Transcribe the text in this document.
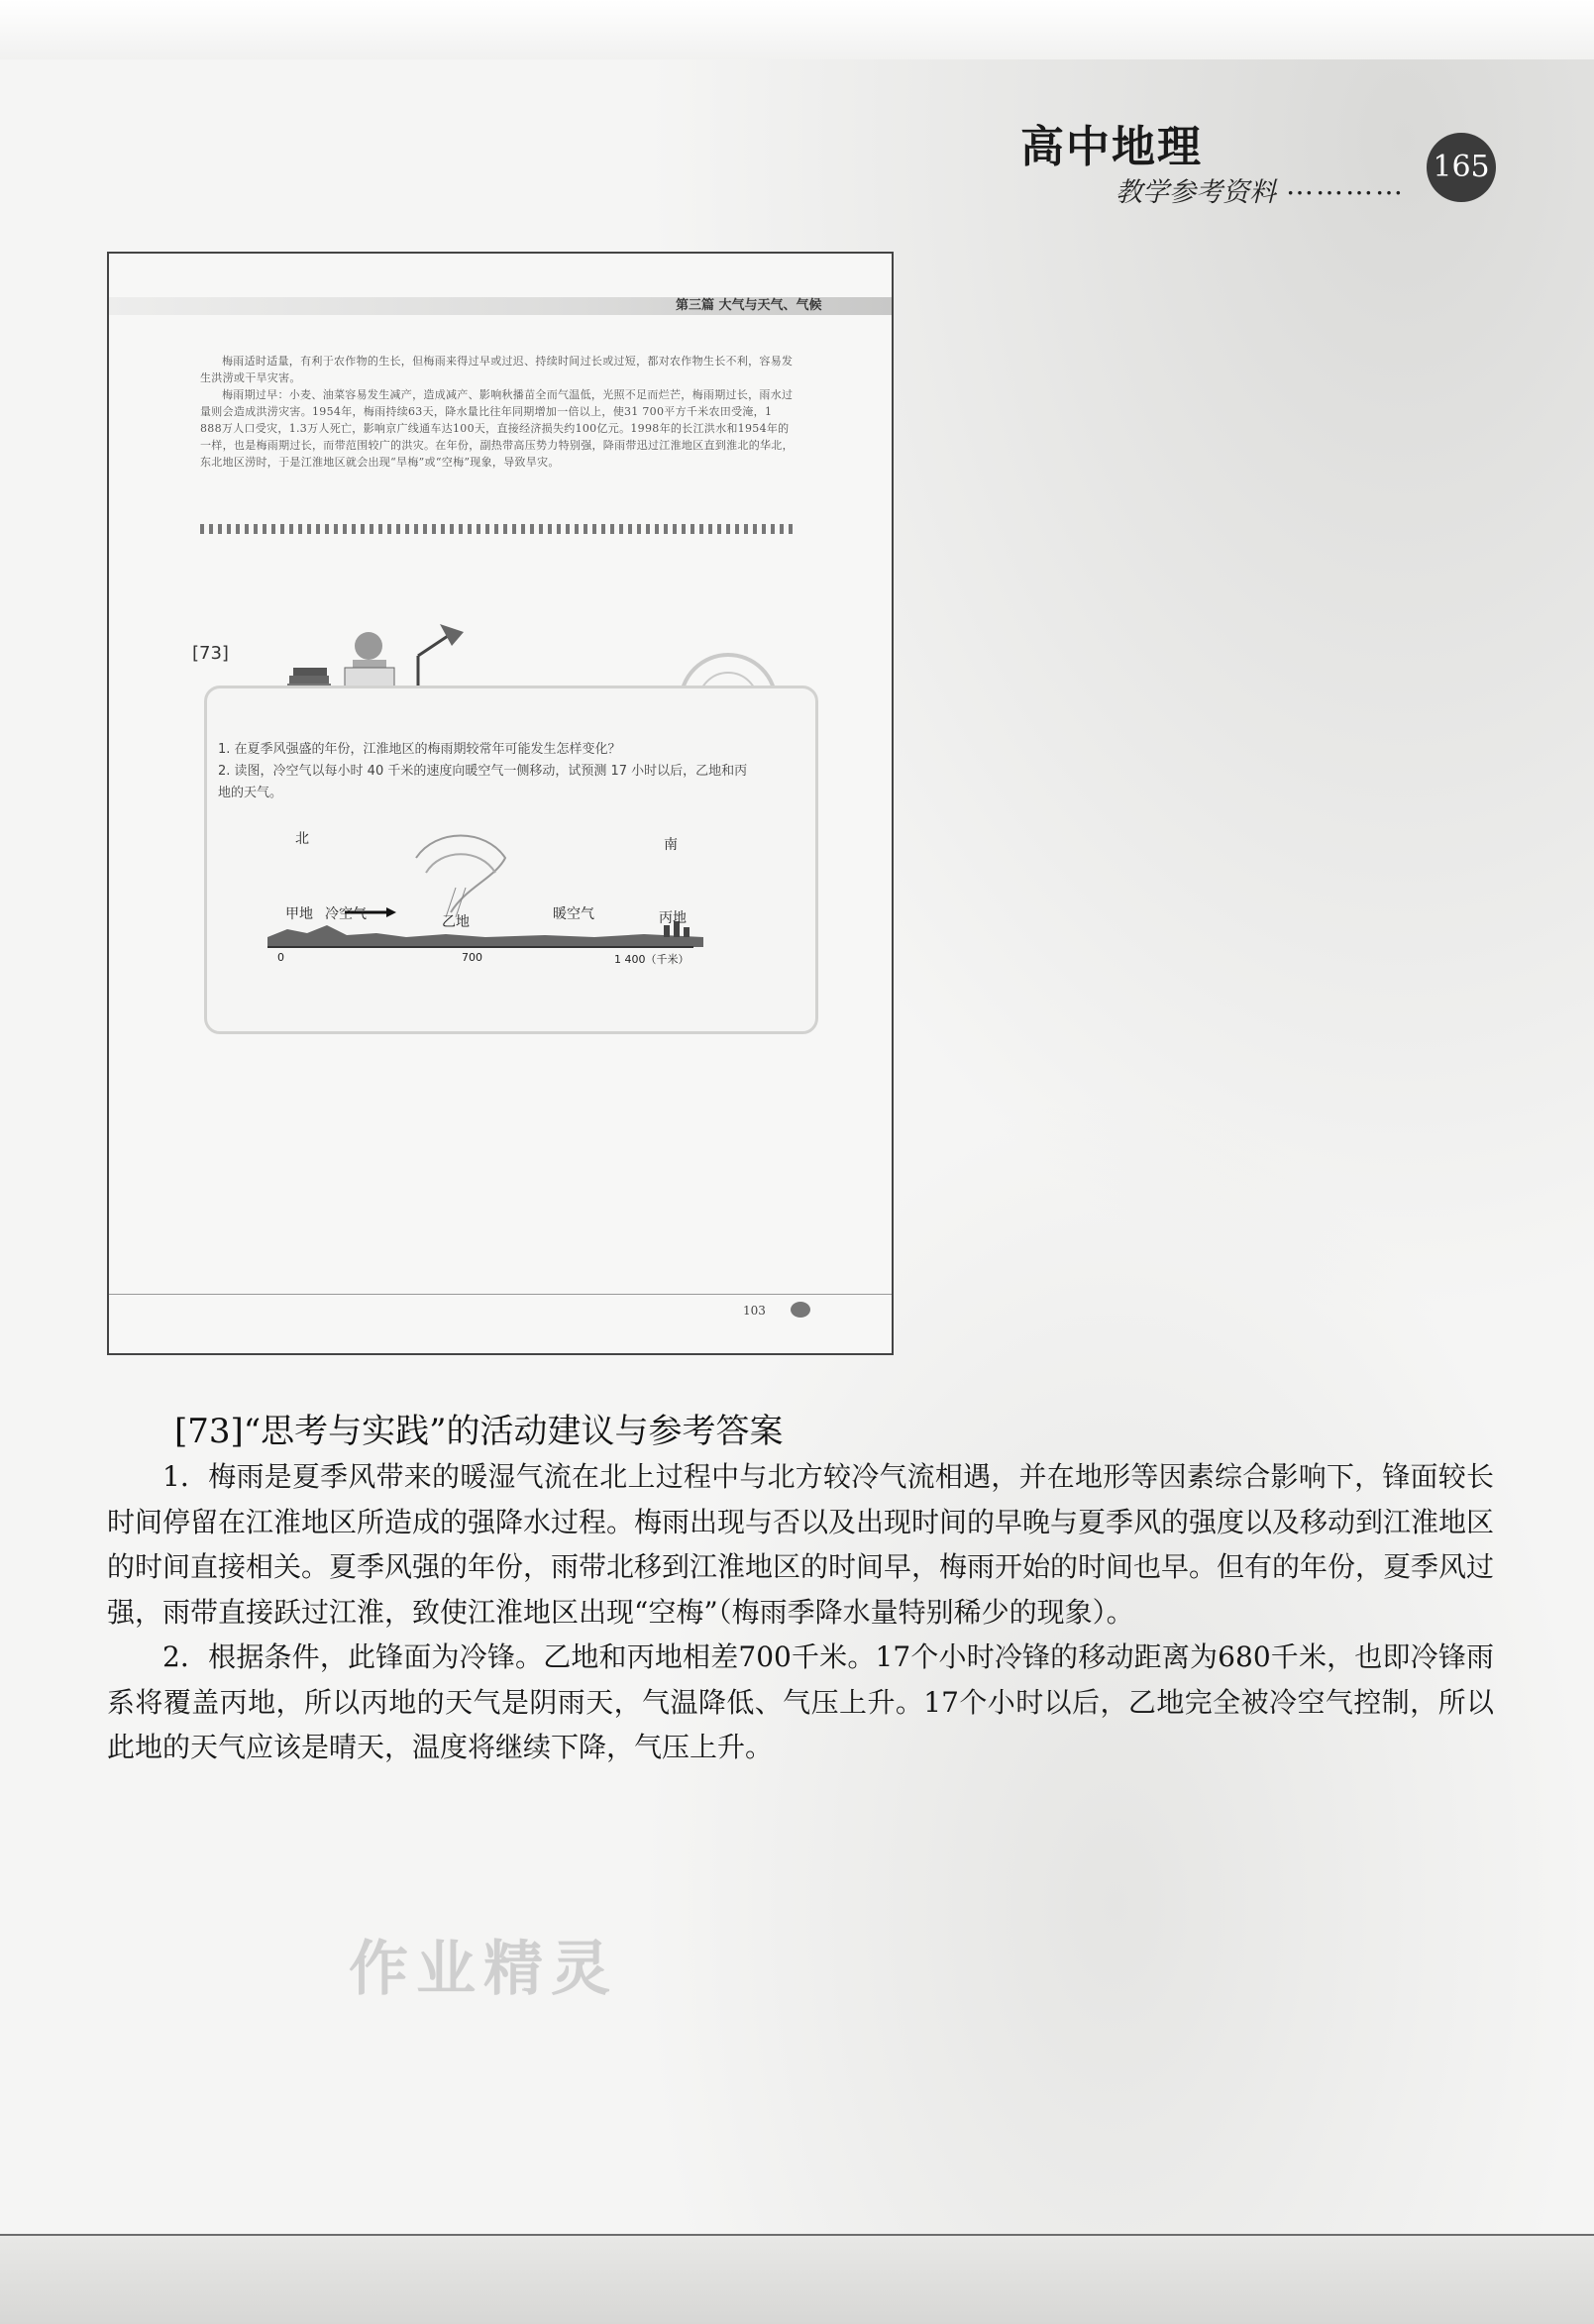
高中地理
教学参考资料 …………
165
第三篇 大气与天气、气候

梅雨适时适量，有利于农作物的生长，但梅雨来得过早或过迟、持续时间过长或过短，都对农作物生长不利，容易发生洪涝或干旱灾害。

梅雨期过早：小麦、油菜容易发生减产，造成减产、影响秋播苗全而气温低，光照不足而烂芒，梅雨期过长，雨水过量则会造成洪涝灾害。1954年，梅雨持续63天，降水量比往年同期增加一倍以上，使31 700平方千米农田受淹，1 888万人口受灾，1.3万人死亡，影响京广线通车达100天，直接经济损失约100亿元。1998年的长江洪水和1954年的一样，也是梅雨期过长，而带范围较广的洪灾。在年份，副热带高压势力特别强，降雨带迅过江淮地区直到淮北的华北，东北地区涝时，于是江淮地区就会出现“旱梅”或“空梅”现象，导致旱灾。

[73]

1. 在夏季风强盛的年份，江淮地区的梅雨期较常年可能发生怎样变化？

2. 读图，冷空气以每小时 40 千米的速度向暖空气一侧移动，试预测 17 小时以后，乙地和丙地的天气。

北	南
甲地 冷空气	乙地	暖空气	丙地
0	700	1 400（千米）
103
[73]“思考与实践”的活动建议与参考答案

1．梅雨是夏季风带来的暖湿气流在北上过程中与北方较冷气流相遇，并在地形等因素综合影响下，锋面较长时间停留在江淮地区所造成的强降水过程。梅雨出现与否以及出现时间的早晚与夏季风的强度以及移动到江淮地区的时间直接相关。夏季风强的年份，雨带北移到江淮地区的时间早，梅雨开始的时间也早。但有的年份，夏季风过强，雨带直接跃过江淮，致使江淮地区出现“空梅”（梅雨季降水量特别稀少的现象）。

2．根据条件，此锋面为冷锋。乙地和丙地相差700千米。17个小时冷锋的移动距离为680千米，也即冷锋雨系将覆盖丙地，所以丙地的天气是阴雨天，气温降低、气压上升。17个小时以后，乙地完全被冷空气控制，所以此地的天气应该是晴天，温度将继续下降，气压上升。

作业精灵
